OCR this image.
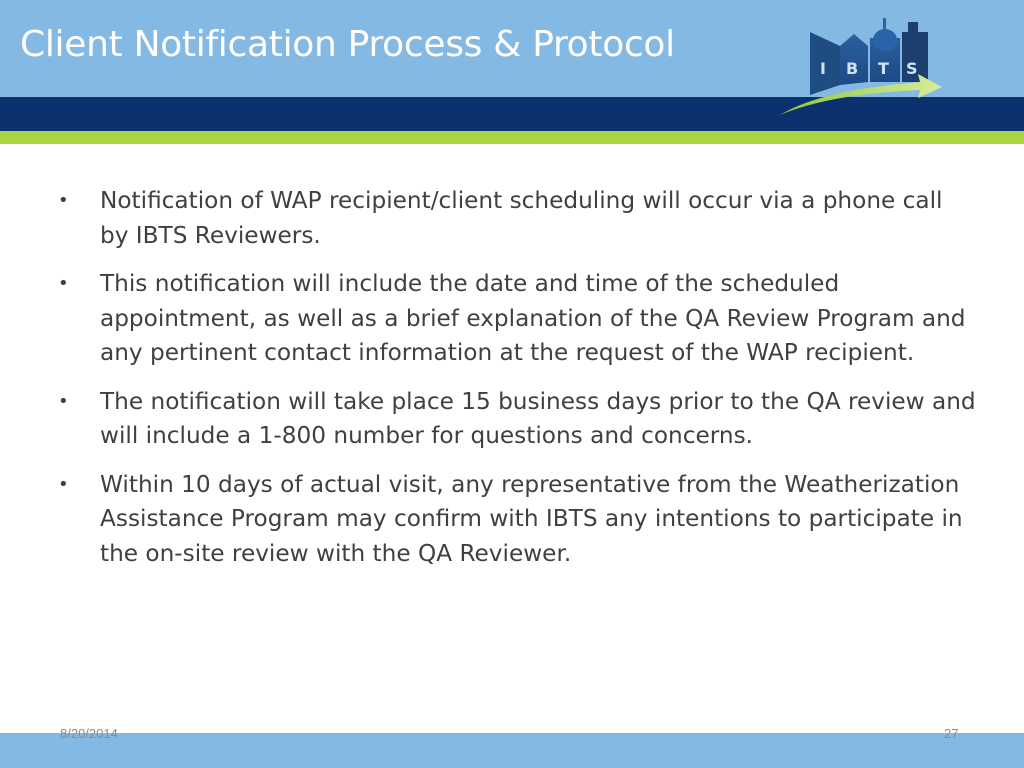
Client Notification Process & Protocol
I B T S
• Notification of WAP recipient/client scheduling will occur via a phone call by IBTS Reviewers.
• This notification will include the date and time of the scheduled appointment, as well as a brief explanation of the QA Review Program and any pertinent contact information at the request of the WAP recipient.
• The notification will take place 15 business days prior to the QA review and will include a 1-800 number for questions and concerns.
• Within 10 days of actual visit, any representative from the Weatherization Assistance Program may confirm with IBTS any intentions to participate in the on-site review with the QA Reviewer.
8/20/2014	27
